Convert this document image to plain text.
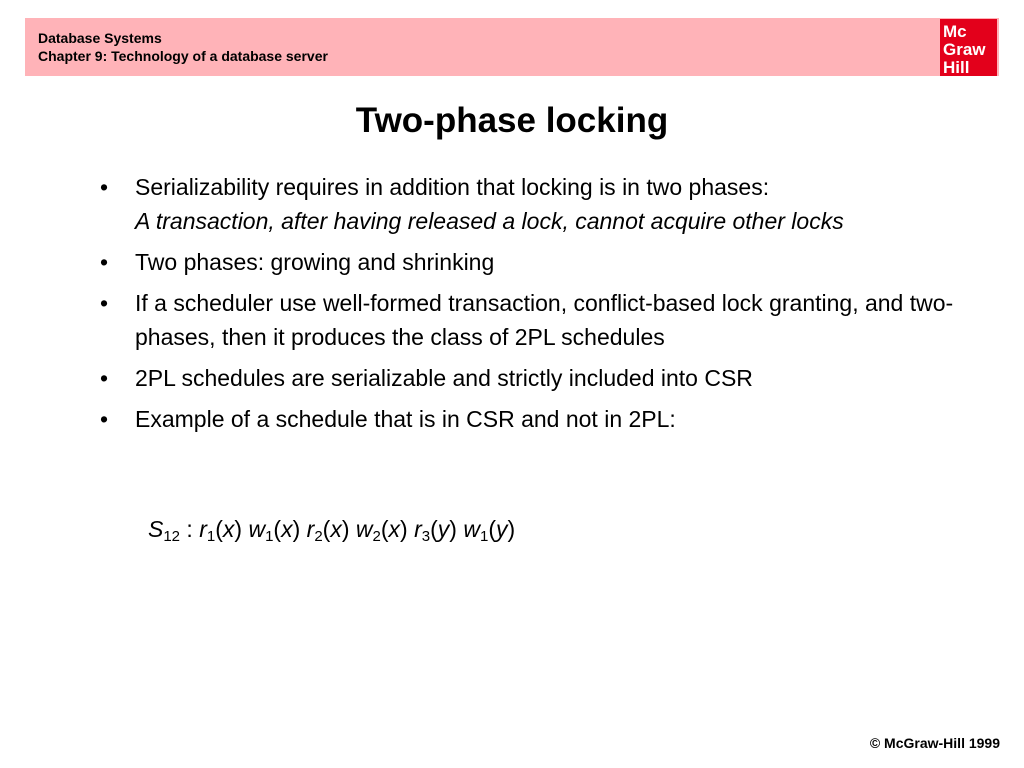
Database Systems
Chapter 9: Technology of a database server
Mc
Graw
Hill
Two-phase locking
• Serializability requires in addition that locking is in two phases:
A transaction, after having released a lock, cannot acquire other locks
• Two phases: growing and shrinking
• If a scheduler use well-formed transaction, conflict-based lock granting, and two-phases, then it produces the class of 2PL schedules
• 2PL schedules are serializable and strictly included into CSR
• Example of a schedule that is in CSR and not in 2PL:
$S_{12}$ : $r_1(x)$ $w_1(x)$ $r_2(x)$ $w_2(x)$ $r_3(y)$ $w_1(y)$
© McGraw-Hill 1999
